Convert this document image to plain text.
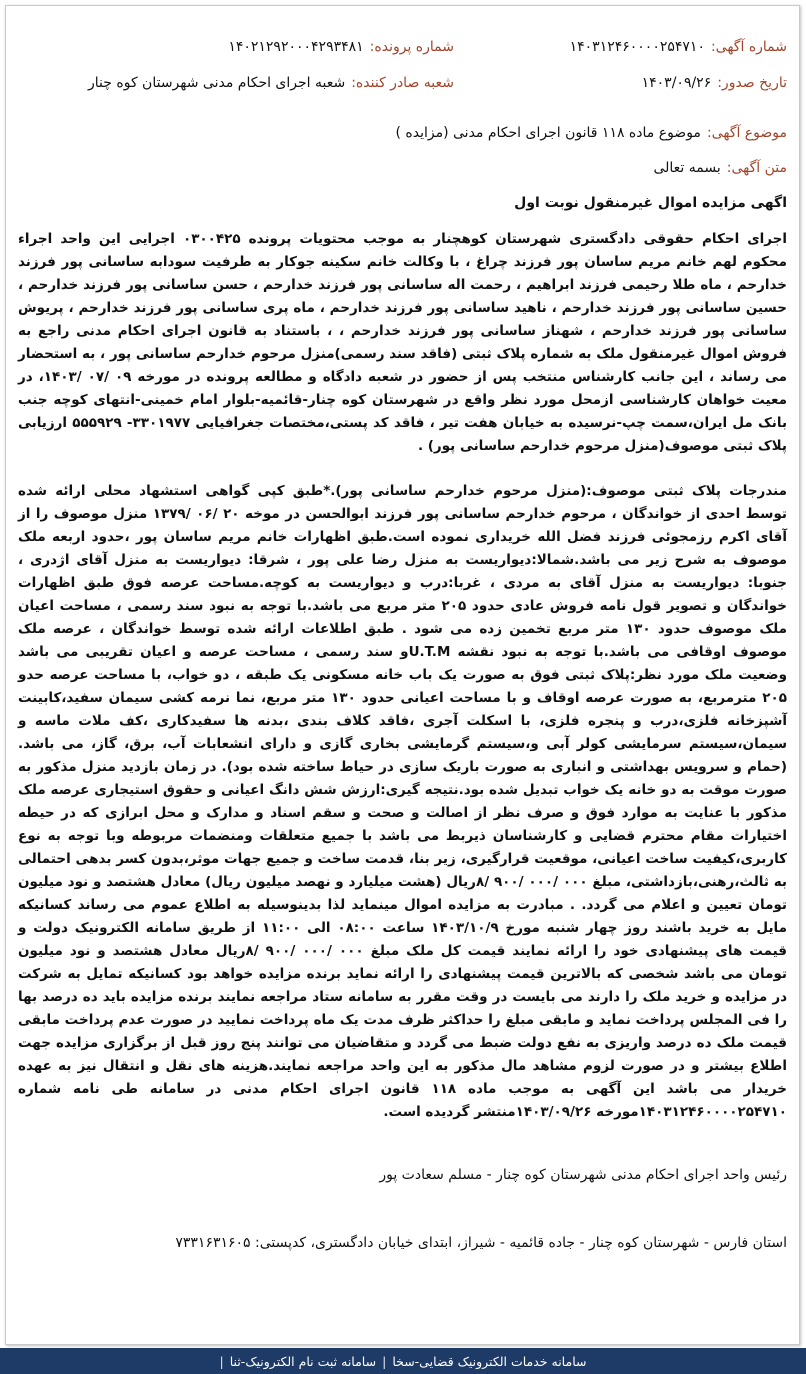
شماره آگهی:۱۴۰۳۱۲۴۶۰۰۰۰۲۵۴۷۱۰
شماره پرونده:۱۴۰۲۱۲۹۲۰۰۰۴۲۹۳۴۸۱
تاریخ صدور:۱۴۰۳/۰۹/۲۶
شعبه صادر کننده:شعبه اجرای احکام مدنی شهرستان کوه چنار
موضوع آگهی:موضوع ماده ۱۱۸ قانون اجرای احکام مدنی (مزایده )
متن آگهی:بسمه تعالی
اگهی مزایده اموال غیرمنقول نوبت اول

اجرای احکام حقوقی دادگستری شهرستان کوهچنار به موجب محتویات پرونده ۰۳۰۰۴۲۵ اجرایی این واحد اجراء محکوم لهم خانم مریم ساسان پور فرزند چراغ ، با وکالت خانم سکینه جوکار به طرفیت سودابه ساسانی پور فرزند خدارحم ، ماه طلا رحیمی فرزند ابراهیم ، رحمت اله ساسانی پور فرزند خدارحم ، حسن ساسانی پور فرزند خدارحم ، حسین ساسانی پور فرزند خدارحم ، ناهید ساسانی پور فرزند خدارحم ، ماه پری ساسانی پور فرزند خدارحم ، پریوش ساسانی پور فرزند خدارحم ، شهناز ساسانی پور فرزند خدارحم ، ، باستناد به قانون اجرای احکام مدنی راجع به فروش اموال غیرمنقول ملک به شماره پلاک ثبتی (فاقد سند رسمی)منزل مرحوم خدارحم ساسانی پور ، به استحضار می رساند ، این جانب کارشناس منتخب پس از حضور در شعبه دادگاه و مطالعه پرونده در مورخه ۰۹ /۰۷ /۱۴۰۳، در معیت خواهان کارشناسی ازمحل مورد نظر واقع در شهرستان کوه چنار-قائمیه-بلوار امام خمینی-انتهای کوچه جنب بانک مل ایران،سمت چپ-نرسیده به خیابان هفت تیر ، فاقد کد پستی،مختصات جغرافیایی ۳۳۰۱۹۷۷- ۵۵۵۹۲۹ ارزیابی پلاک ثبتی موصوف(منزل مرحوم خدارحم ساسانی پور) .

مندرجات پلاک ثبتی موصوف:(منزل مرحوم خدارحم ساسانی پور).*طبق کپی گواهی استشهاد محلی ارائه شده توسط احدی از خواندگان ، مرحوم خدارحم ساسانی پور فرزند ابوالحسن در موخه ۲۰ /۰۶ /۱۳۷۹ منزل موصوف را از آقای اکرم رزمجوئی فرزند فضل الله خریداری نموده است.طبق اظهارات خانم مریم ساسان پور ،حدود اربعه ملک موصوف به شرح زیر می باشد.شمالا:دیواریست به منزل رضا علی پور ، شرقا: دیواریست به منزل آقای اژدری ، جنوبا: دیواریست به منزل آقای به مردی ، غربا:درب و دیواریست به کوچه.مساحت عرصه فوق طبق اظهارات خواندگان و تصویر قول نامه فروش عادی حدود ۲۰۵ متر مربع می باشد.با توجه به نبود سند رسمی ، مساحت اعیان ملک موصوف حدود ۱۳۰ متر مربع تخمین زده می شود . طبق اطلاعات ارائه شده توسط خواندگان ، عرصه ملک موصوف اوقافی می باشد.با توجه به نبود نقشه U.T.Mو سند رسمی ، مساحت عرصه و اعیان تقریبی می باشد وضعیت ملک مورد نظر:پلاک ثبتی فوق به صورت یک باب خانه مسکونی یک طبقه ، دو خواب، با مساحت عرصه حدو ۲۰۵ مترمربع، به صورت عرصه اوقاف و با مساحت اعیانی حدود ۱۳۰ متر مربع، نما نرمه کشی سیمان سفید،کابینت آشپزخانه فلزی،درب و پنجره فلزی، با اسکلت آجری ،فاقد کلاف بندی ،بدنه ها سفیدکاری ،کف ملات ماسه و سیمان،سیستم سرمایشی کولر آبی و،سیستم گرمایشی بخاری گازی و دارای انشعابات آب، برق، گاز، می باشد.(حمام و سرویس بهداشتی و انباری به صورت باریک سازی در حیاط ساخته شده بود). در زمان بازدید منزل مذکور به صورت موقت به دو خانه یک خواب تبدیل شده بود.نتیجه گیری:ارزش شش دانگ اعیانی و حقوق استیجاری عرصه ملک مذکور با عنایت به موارد فوق و صرف نظر از اصالت و صحت و سقم اسناد و مدارک و محل ابرازی که در حیطه اختیارات مقام محترم قضایی و کارشناسان ذیربط می باشد با جمیع متعلقات ومنضمات مربوطه وبا توجه به نوع کاربری،کیفیت ساخت اعیانی، موقعیت قرارگیری، زیر بنا، قدمت ساخت و جمیع جهات موثر،بدون کسر بدهی احتمالی به ثالث،رهنی،بازداشتی، مبلغ ۰۰۰ /۰۰۰ /۹۰۰ /۸ریال (هشت میلیارد و نهصد میلیون ریال) معادل هشتصد و نود میلیون تومان تعیین و اعلام می گردد. . مبادرت به مزایده اموال مینماید لذا بدینوسیله به اطلاع عموم می رساند کسانیکه مایل به خرید باشند روز چهار شنبه مورخ ۱۴۰۳/۱۰/۹ ساعت ۰۸:۰۰ الی ۱۱:۰۰ از طریق سامانه الکترونیک دولت و قیمت های پیشنهادی خود را ارائه نمایند قیمت کل ملک مبلغ ۰۰۰ /۰۰۰ /۹۰۰ /۸ریال معادل هشتصد و نود میلیون تومان می باشد شخصی که بالاترین قیمت پیشنهادی را ارائه نماید برنده مزایده خواهد بود کسانیکه تمایل به شرکت در مزایده و خرید ملک را دارند می بایست در وقت مقرر به سامانه ستاد مراجعه نمایند برنده مزایده باید ده درصد بها را فی المجلس پرداخت نماید و مابقی مبلغ را حداکثر ظرف مدت یک ماه پرداخت نمایید در صورت عدم پرداخت مابقی قیمت ملک ده درصد واریزی به نفع دولت ضبط می گردد و متقاضیان می توانند پنج روز قبل از برگزاری مزایده جهت اطلاع بیشتر و در صورت لزوم مشاهد مال مذکور به این واحد مراجعه نمایند.هزینه های نقل و انتقال نیز به عهده خریدار می باشد این آگهی به موجب ماده ۱۱۸ قانون اجرای احکام مدنی در سامانه طی نامه شماره ۱۴۰۳۱۲۴۶۰۰۰۰۲۵۴۷۱۰مورخه ۱۴۰۳/۰۹/۲۶منتشر گردیده است.

رئیس واحد اجرای احکام مدنی شهرستان کوه چنار - مسلم سعادت پور
استان فارس - شهرستان کوه چنار - جاده قائمیه - شیراز، ابتدای خیابان دادگستری، کدپستی: ۷۳۳۱۶۳۱۶۰۵
سامانه خدمات الکترونیک قضایی-سخا
|
سامانه ثبت نام الکترونیک-ثنا
|
